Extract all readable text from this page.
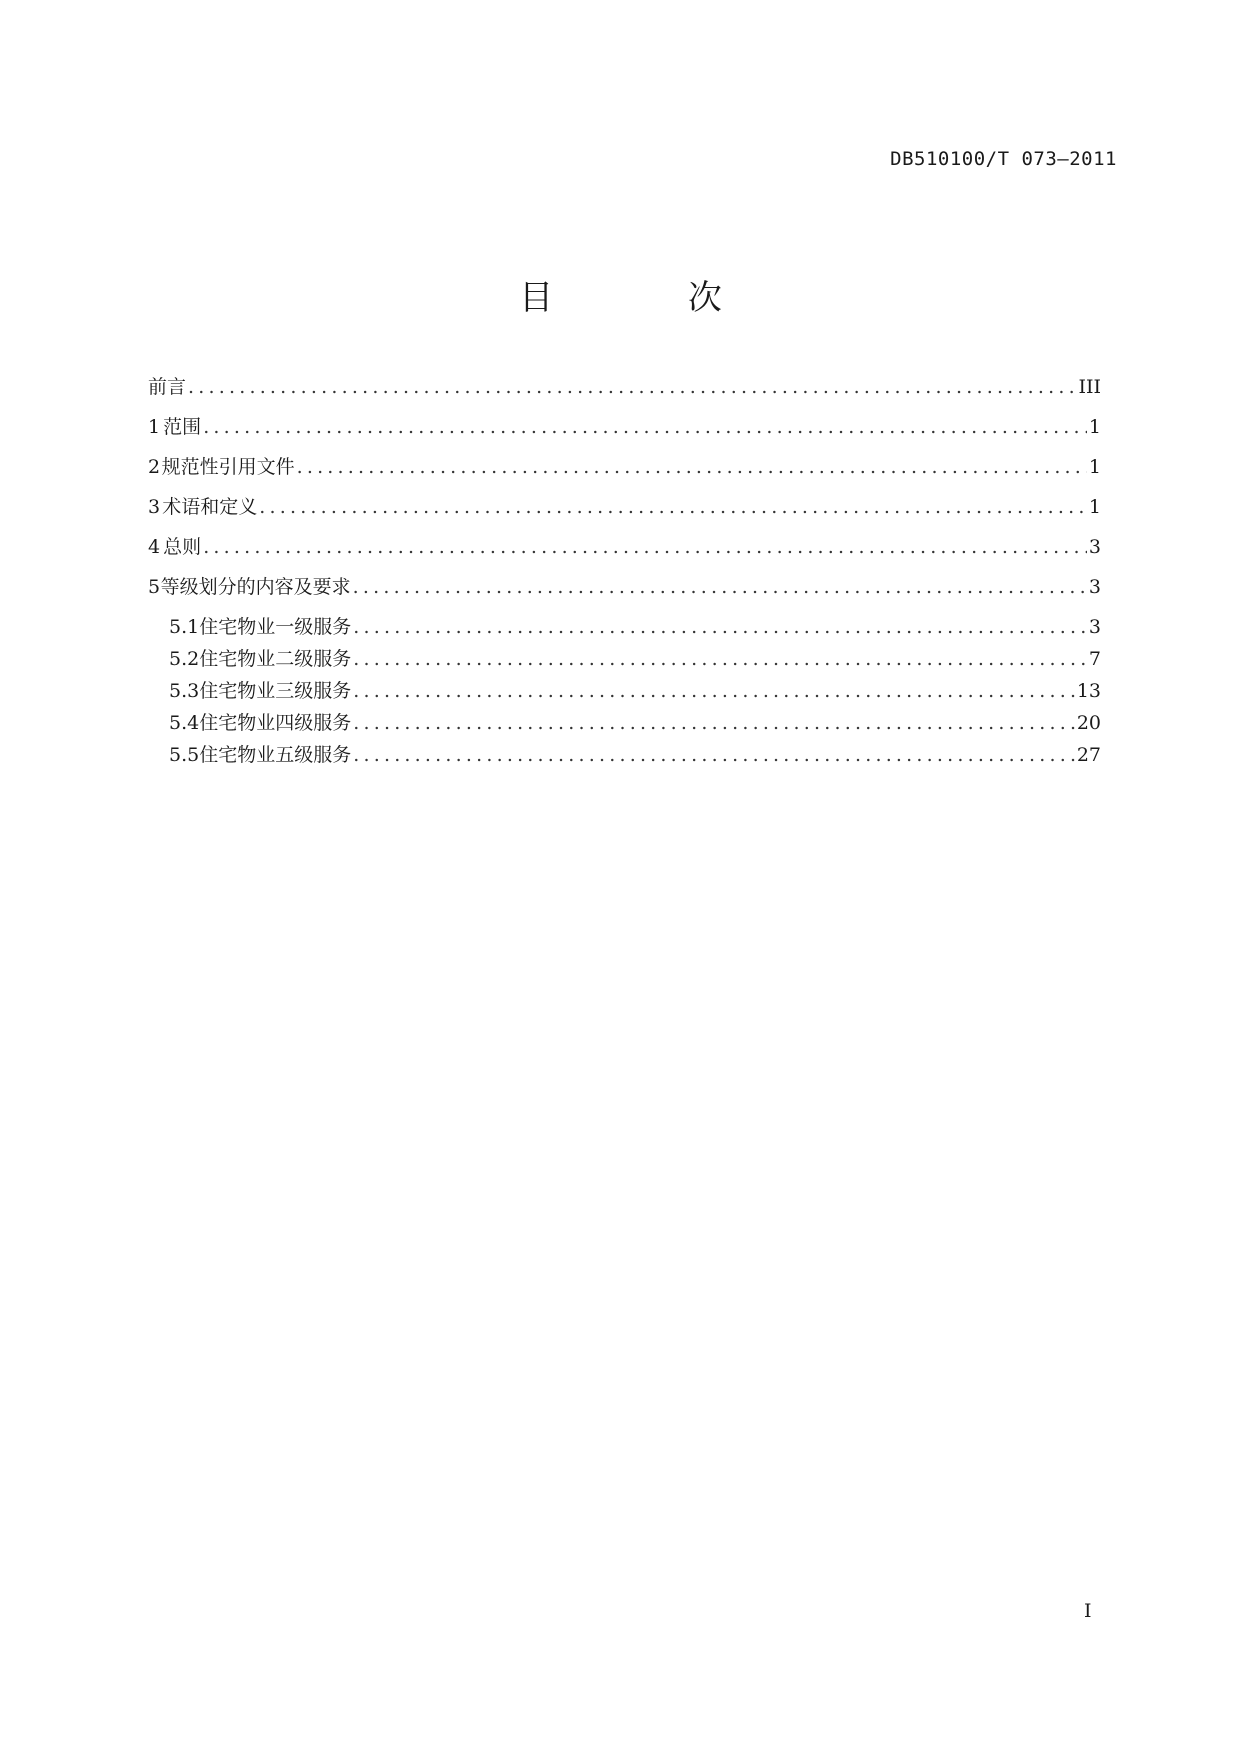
DB510100/T 073—2011
目 次
前言 .....	III
1 范围 .....	1
2 规范性引用文件 .....	1
3 术语和定义 .....	1
4 总则 .....	3
5 等级划分的内容及要求 .....	3
5.1 住宅物业一级服务 .....	3
5.2 住宅物业二级服务 .....	7
5.3 住宅物业三级服务 .....	13
5.4 住宅物业四级服务 .....	20
5.5 住宅物业五级服务 .....	27
I
